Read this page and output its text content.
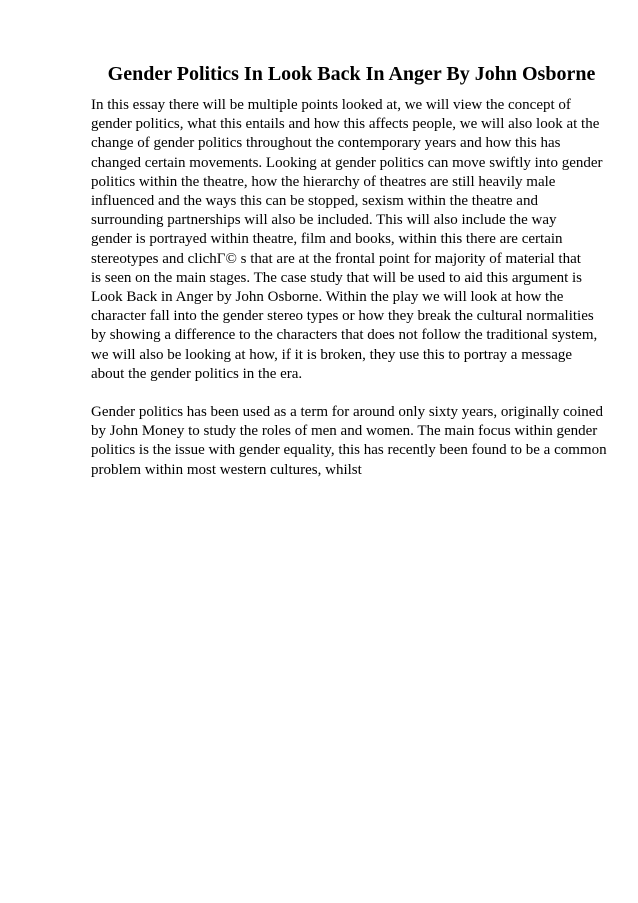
Gender Politics In Look Back In Anger By John Osborne

In this essay there will be multiple points looked at, we will view the concept of
gender politics, what this entails and how this affects people, we will also look at the
change of gender politics throughout the contemporary years and how this has
changed certain movements. Looking at gender politics can move swiftly into gender
politics within the theatre, how the hierarchy of theatres are still heavily male
influenced and the ways this can be stopped, sexism within the theatre and
surrounding partnerships will also be included. This will also include the way
gender is portrayed within theatre, film and books, within this there are certain
stereotypes and clichГ© s that are at the frontal point for majority of material that
is seen on the main stages. The case study that will be used to aid this argument is
Look Back in Anger by John Osborne. Within the play we will look at how the
character fall into the gender stereo types or how they break the cultural normalities
by showing a difference to the characters that does not follow the traditional system,
we will also be looking at how, if it is broken, they use this to portray a message
about the gender politics in the era.

Gender politics has been used as a term for around only sixty years, originally coined
by John Money to study the roles of men and women. The main focus within gender
politics is the issue with gender equality, this has recently been found to be a common
problem within most western cultures, whilst
